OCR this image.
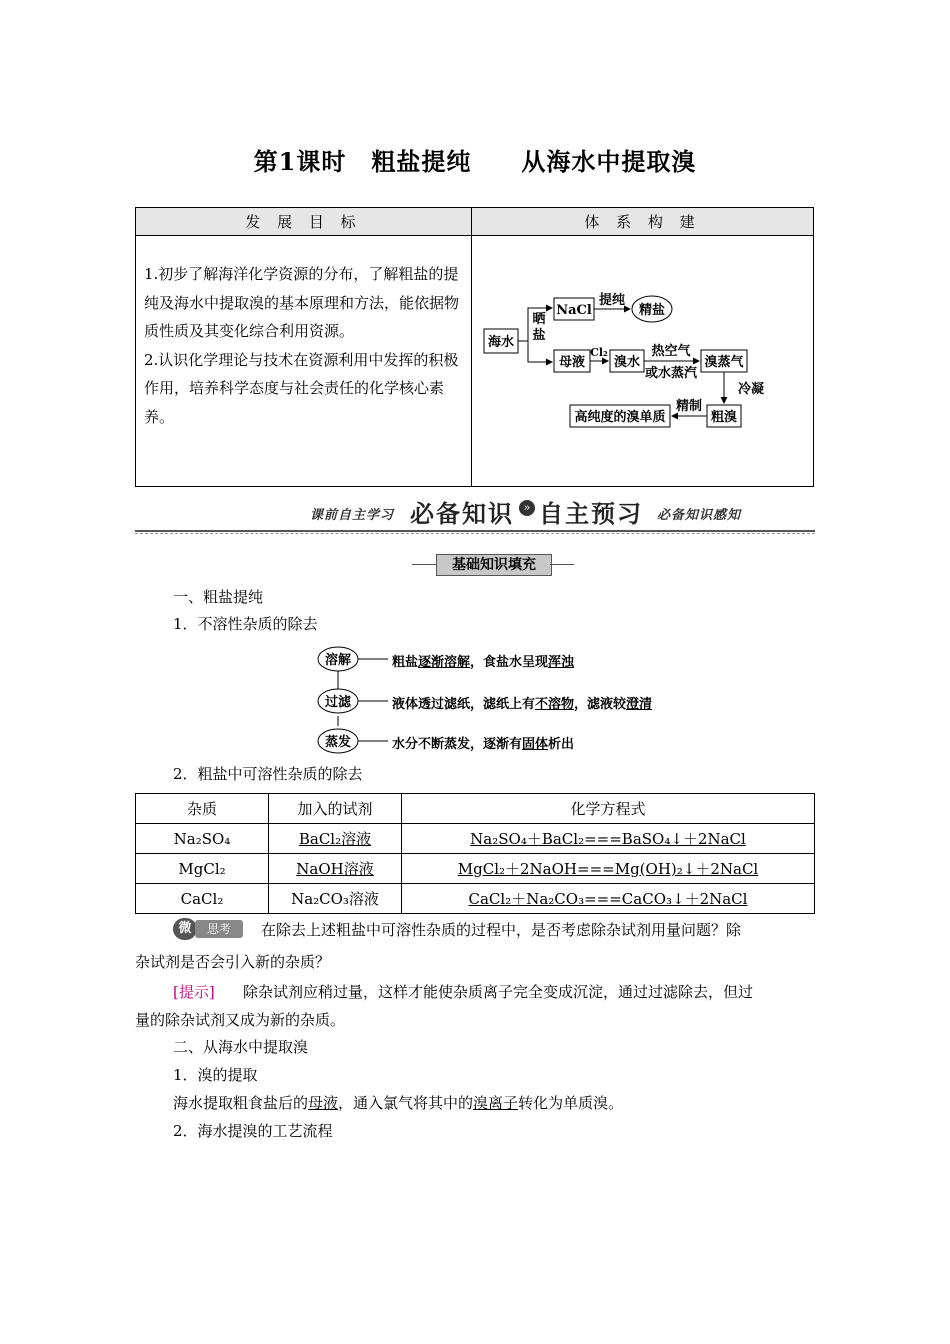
第1课时　粗盐提纯　　从海水中提取溴
发 展 目 标	体 系 构 建

1.初步了解海洋化学资源的分布，了解粗盐的提纯及海水中提取溴的基本原理和方法，能依据物质性质及其变化综合利用资源。

2.认识化学理论与技术在资源利用中发挥的积极作用，培养科学态度与社会责任的化学核心素养。

海水
晒
盐
NaCl
提纯
精盐
母液
Cl₂
溴水
热空气
或水蒸汽
溴蒸气
冷凝
粗溴
精制
高纯度的溴单质
课前自主学习 必备知识 » 自主预习 必备知识感知
基础知识填充
一、粗盐提纯
1．不溶性杂质的除去
溶解
过滤
蒸发
粗盐逐渐溶解，食盐水呈现浑浊
液体透过滤纸，滤纸上有不溶物，滤液较澄清
水分不断蒸发，逐渐有固体析出
2．粗盐中可溶性杂质的除去
杂质	加入的试剂	化学方程式
Na₂SO₄	BaCl₂溶液	Na₂SO₄＋BaCl₂===BaSO₄↓＋2NaCl
MgCl₂	NaOH溶液	MgCl₂＋2NaOH===Mg(OH)₂↓＋2NaCl
CaCl₂	Na₂CO₃溶液	CaCl₂＋Na₂CO₃===CaCO₃↓＋2NaCl
微	思考	在除去上述粗盐中可溶性杂质的过程中，是否考虑除杂试剂用量问题？除
杂试剂是否会引入新的杂质？
[提示] 除杂试剂应稍过量，这样才能使杂质离子完全变成沉淀，通过过滤除去，但过
量的除杂试剂又成为新的杂质。
二、从海水中提取溴
1．溴的提取
海水提取粗食盐后的母液，通入氯气将其中的溴离子转化为单质溴。
2．海水提溴的工艺流程
